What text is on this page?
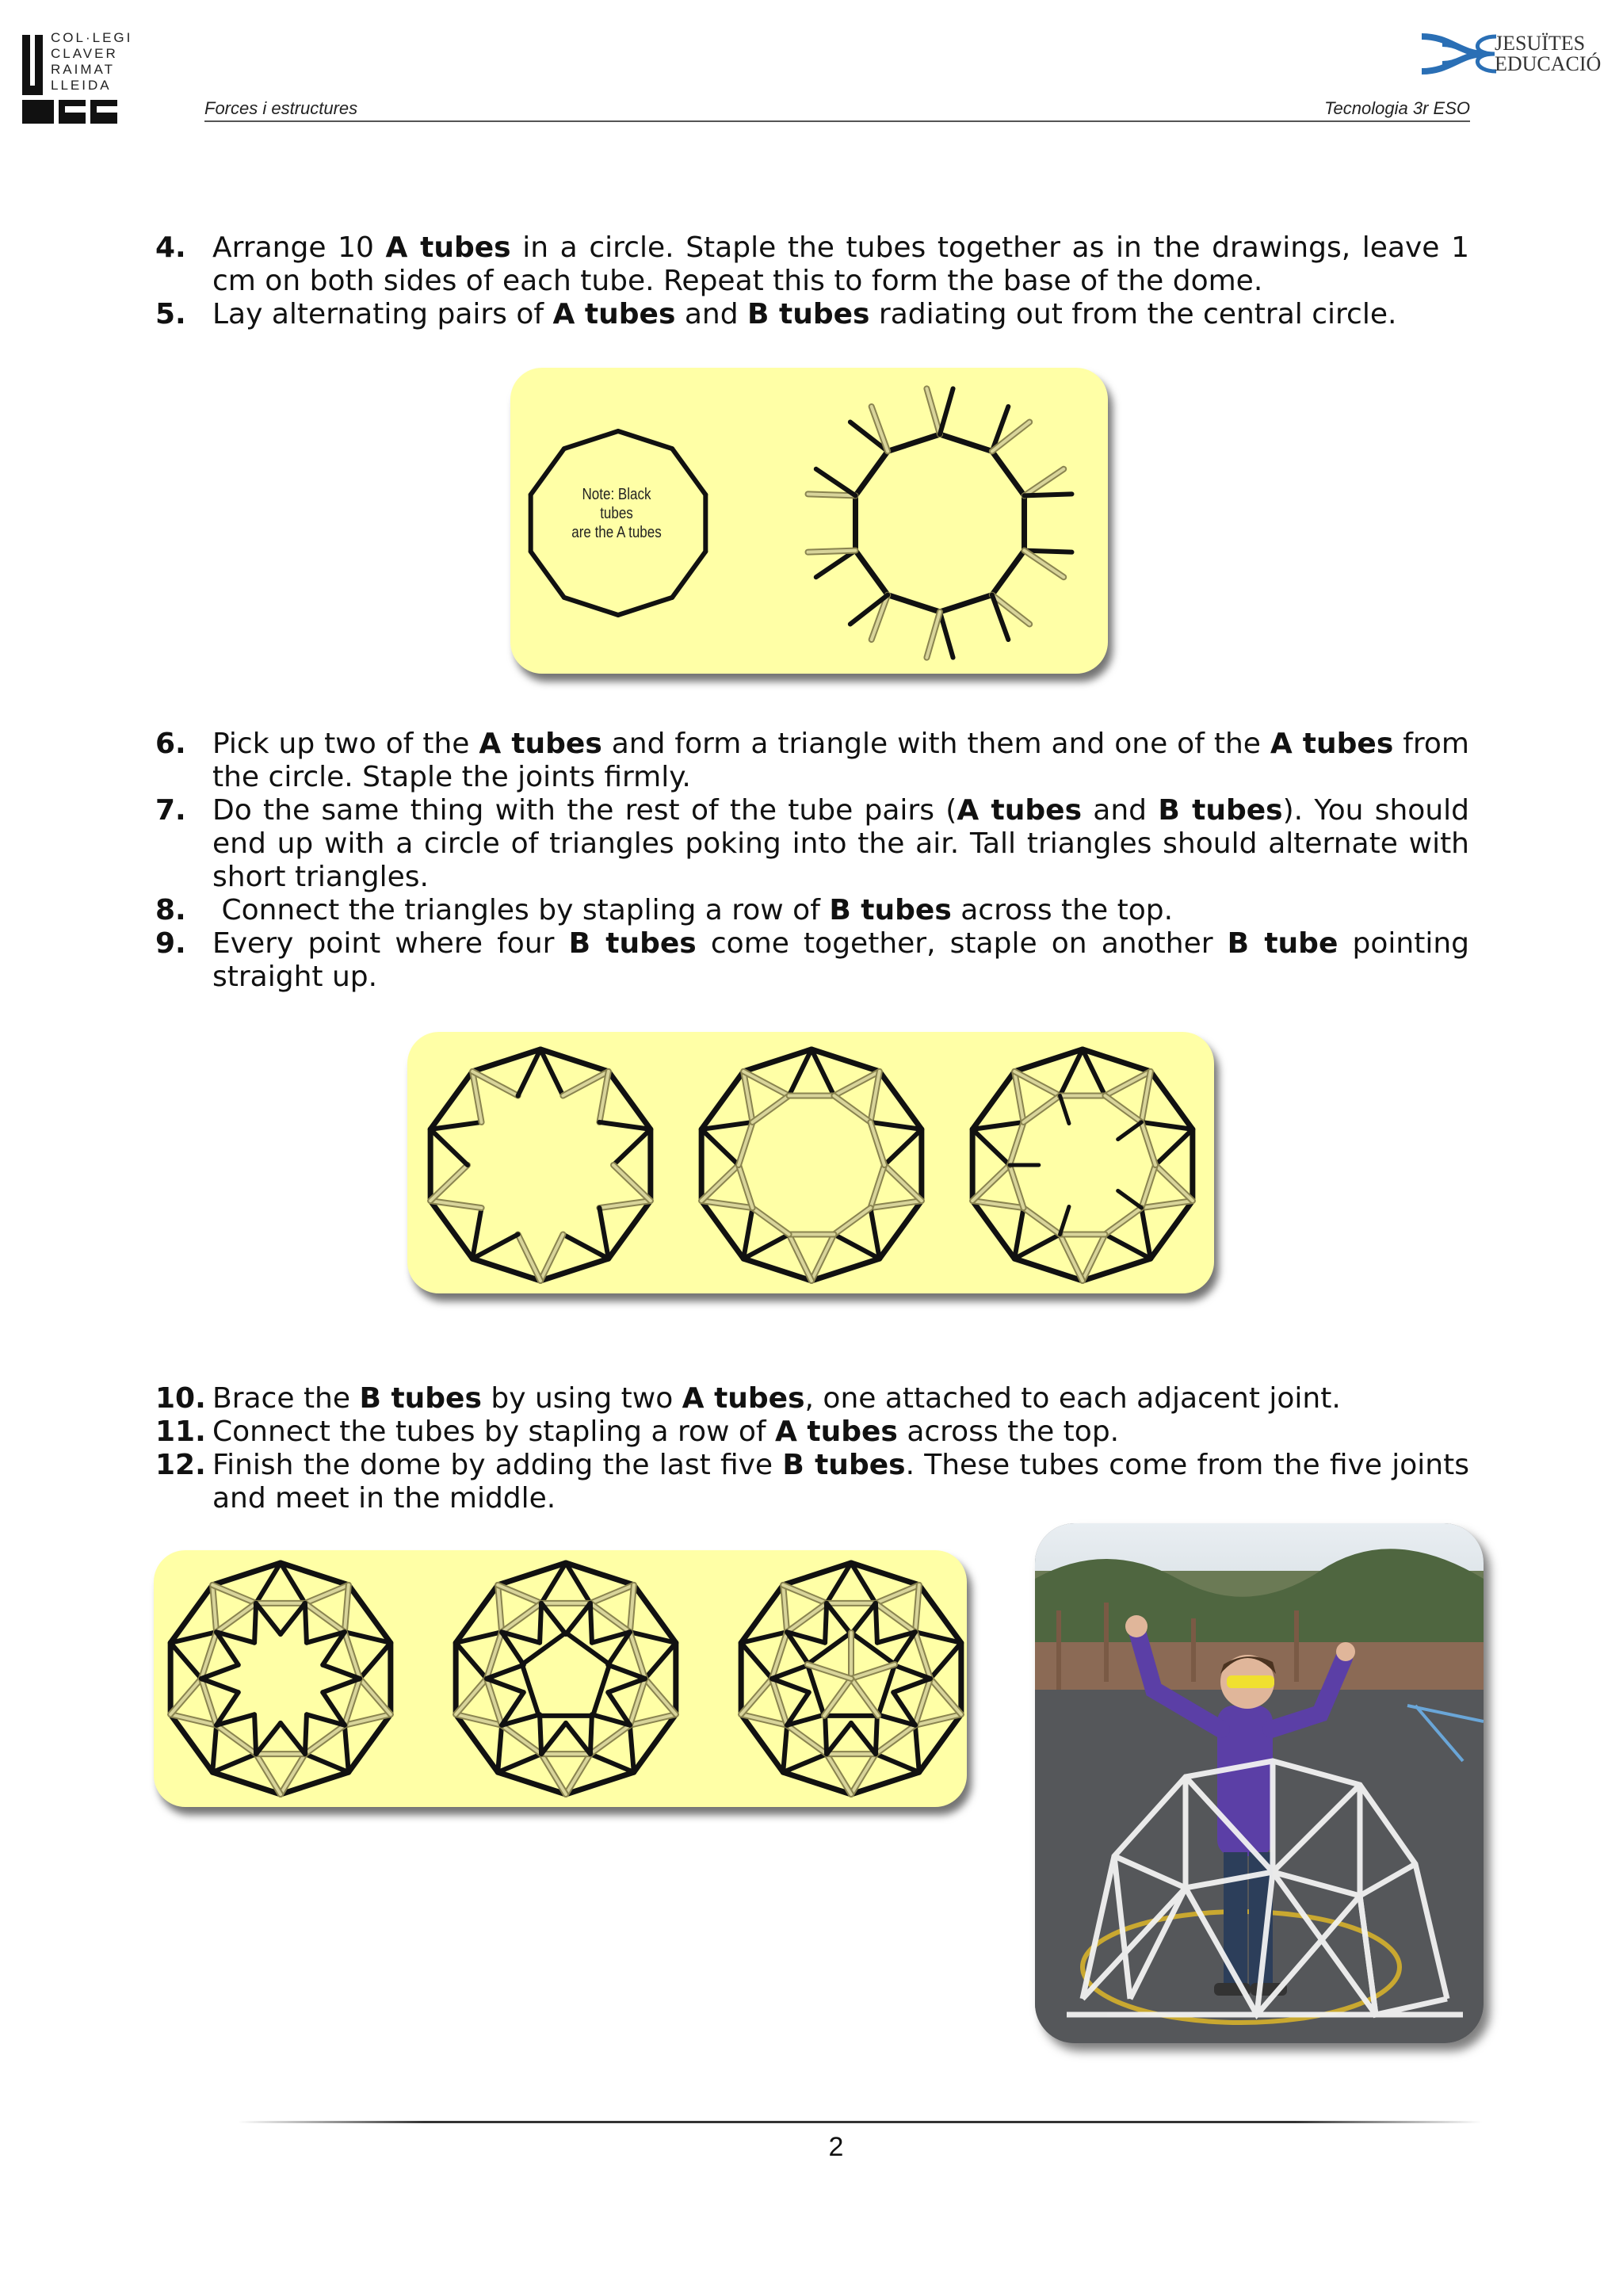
COL·LEGI
CLAVER
RAIMAT
LLEIDA
JESUÏTES
EDUCACIÓ
Forces i estructures	Tecnologia 3r ESO
4. Arrange 10 A tubes in a circle. Staple the tubes together as in the drawings, leave 1 cm on both sides of each tube. Repeat this to form the base of the dome.
5. Lay alternating pairs of A tubes and B tubes radiating out from the central circle.
Note: Black tubes
are the A tubes
6. Pick up two of the A tubes and form a triangle with them and one of the A tubes from the circle. Staple the joints firmly.
7. Do the same thing with the rest of the tube pairs (A tubes and B tubes). You should end up with a circle of triangles poking into the air. Tall triangles should alternate with short triangles.
8. Connect the triangles by stapling a row of B tubes across the top.
9. Every point where four B tubes come together, staple on another B tube pointing straight up.
10. Brace the B tubes by using two A tubes, one attached to each adjacent joint.
11. Connect the tubes by stapling a row of A tubes across the top.
12. Finish the dome by adding the last five B tubes. These tubes come from the five joints and meet in the middle.
2
